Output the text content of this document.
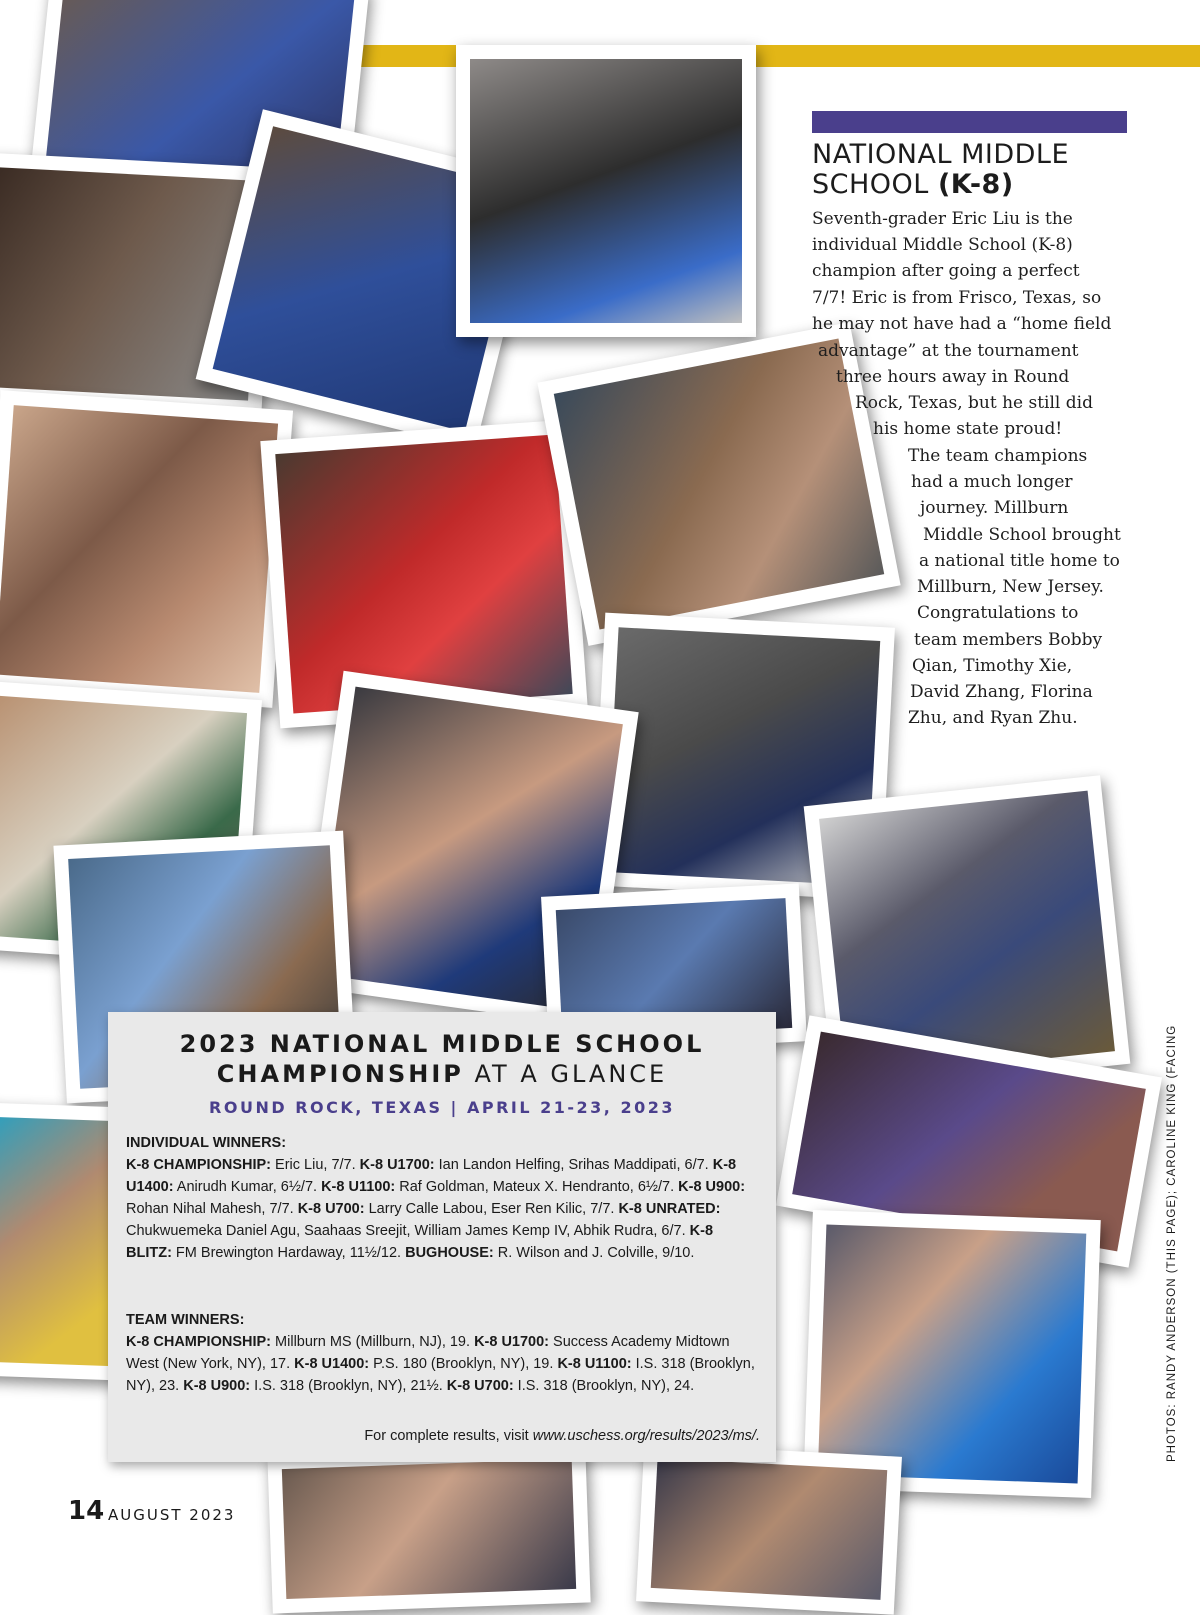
NATIONAL MIDDLE
SCHOOL (K-8)
Seventh-grader Eric Liu is the
individual Middle School (K-8)
champion after going a perfect
7/7! Eric is from Frisco, Texas, so
he may not have had a “home field
advantage” at the tournament
three hours away in Round
Rock, Texas, but he still did
his home state proud!
The team champions
had a much longer
journey. Millburn
Middle School brought
a national title home to
Millburn, New Jersey.
Congratulations to
team members Bobby
Qian, Timothy Xie,
David Zhang, Florina
Zhu, and Ryan Zhu.
2023 NATIONAL MIDDLE SCHOOL
CHAMPIONSHIP AT A GLANCE
ROUND ROCK, TEXAS | APRIL 21-23, 2023
INDIVIDUAL WINNERS:
K-8 CHAMPIONSHIP: Eric Liu, 7/7. K-8 U1700: Ian Landon Helfing, Srihas Maddipati, 6/7. K-8 U1400: Anirudh Kumar, 6½/7. K-8 U1100: Raf Goldman, Mateux X. Hendranto, 6½/7. K-8 U900: Rohan Nihal Mahesh, 7/7. K-8 U700: Larry Calle Labou, Eser Ren Kilic, 7/7. K-8 UNRATED: Chukwuemeka Daniel Agu, Saahaas Sreejit, William James Kemp IV, Abhik Rudra, 6/7. K-8 BLITZ: FM Brewington Hardaway, 11½/12. BUGHOUSE: R. Wilson and J. Colville, 9/10.
TEAM WINNERS:
K-8 CHAMPIONSHIP: Millburn MS (Millburn, NJ), 19. K-8 U1700: Success Academy Midtown West (New York, NY), 17. K-8 U1400: P.S. 180 (Brooklyn, NY), 19. K-8 U1100: I.S. 318 (Brooklyn, NY), 23. K-8 U900: I.S. 318 (Brooklyn, NY), 21½. K-8 U700: I.S. 318 (Brooklyn, NY), 24.
For complete results, visit www.uschess.org/results/2023/ms/.
14 AUGUST 2023
PHOTOS: RANDY ANDERSON (THIS PAGE); CAROLINE KING (FACING
